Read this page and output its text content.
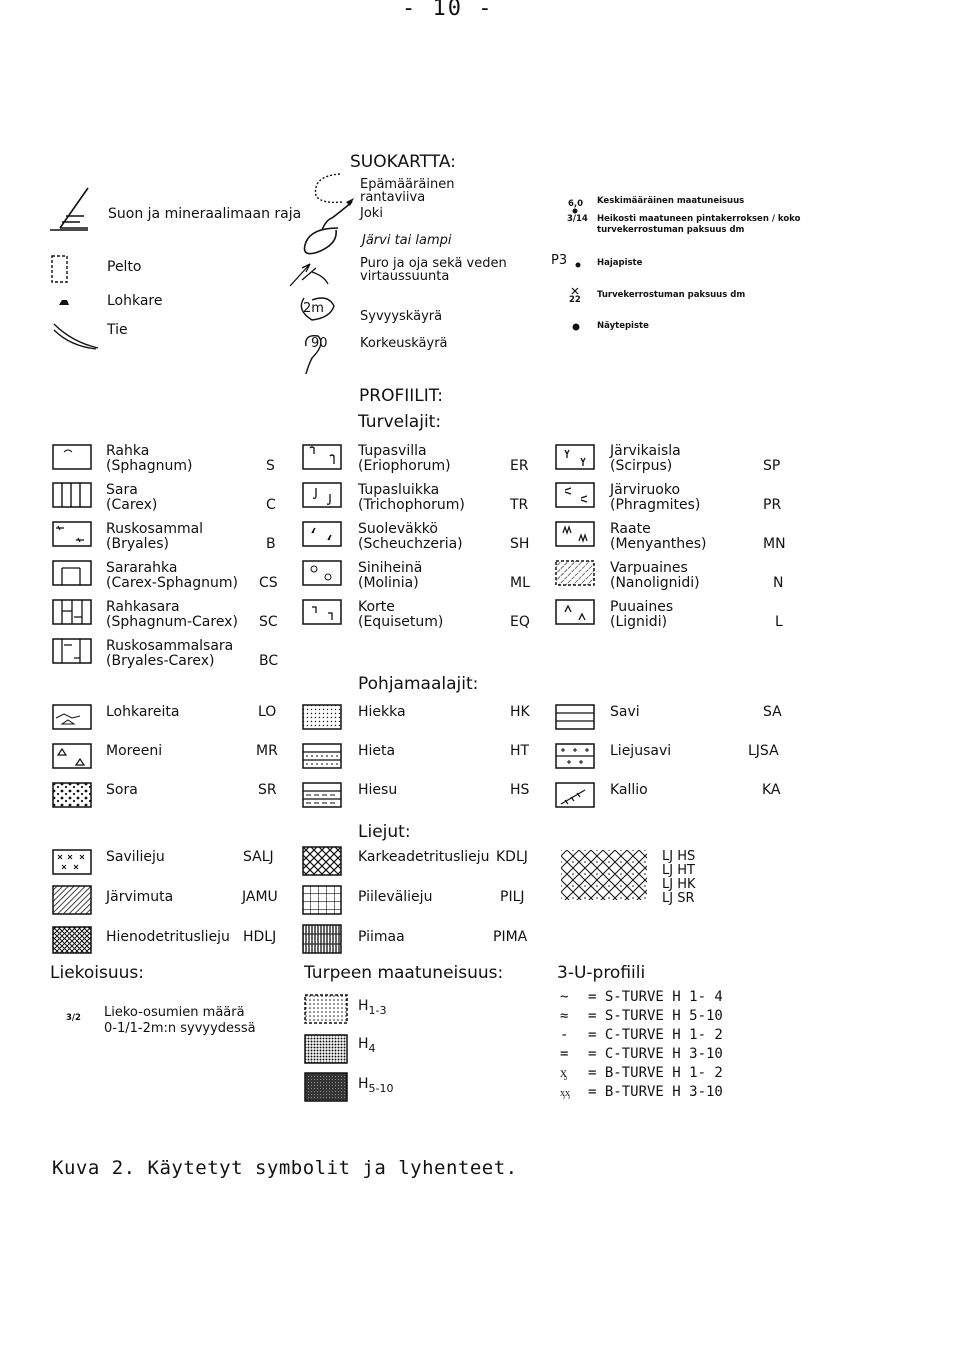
- 10 -
SUOKARTTA:
Suon ja mineraalimaan raja
Pelto
Lohkare
Tie
2m
90
Epämääräinen rantaviiva
Joki
Järvi tai lampi
Puro ja oja sekä veden virtaussuunta
Syvyyskäyrä
Korkeuskäyrä
6,0
3/14
Keskimääräinen maatuneisuus
Heikosti maatuneen pintakerroksen / koko turvekerrostuman paksuus dm
P3	Hajapiste
22 Turvekerrostuman paksuus dm
Näytepiste
PROFIILIT:
Turvelajit:
Rahka
(Sphagnum)	S
Sara
(Carex)	C
Ruskosammal
(Bryales)	B
Sararahka
(Carex-Sphagnum) CS
Rahkasara
(Sphagnum-Carex) SC
Ruskosammalsara
(Bryales-Carex)	BC
Tupasvilla
(Eriophorum)	ER
Tupasluikka
(Trichophorum)	TR
Suoleväkkö
(Scheuchzeria)	SH
Siniheinä
(Molinia)	ML
Korte
(Equisetum)	EQ
Järvikaisla
(Scirpus)	SP
Järviruoko
(Phragmites)	PR
Raate
(Menyanthes)	MN
Varpuaines
(Nanolignidi)	N
Puuaines
(Lignidi)	L
Pohjamaalajit:
Lohkareita	LO
Moreeni	MR
Sora	SR
Hiekka	HK
Hieta	HT
Hiesu	HS
Savi	SA
Liejusavi	LJSA
Kallio	KA
Liejut:
Savilieju	SALJ
Järvimuta	JAMU
Hienodetrituslieju HDLJ
Karkeadetrituslieju KDLJ
Piilevälieju	PILJ
Piimaa	PIMA
LJ HS
LJ HT
LJ HK
LJ SR
Liekoisuus:
3/2 Lieko-osumien määrä
0-1/1-2m:n syvyydessä
Turpeen maatuneisuus:
$H_{1-3}$
$H_4$
$H_{5-10}$
3-U-profiili
~ = S-TURVE H 1- 4
≈ = S-TURVE H 5-10
- = C-TURVE H 1- 2
= = C-TURVE H 3-10
ᶍ = B-TURVE H 1- 2
ᶍᶍ = B-TURVE H 3-10
Kuva 2. Käytetyt symbolit ja lyhenteet.
